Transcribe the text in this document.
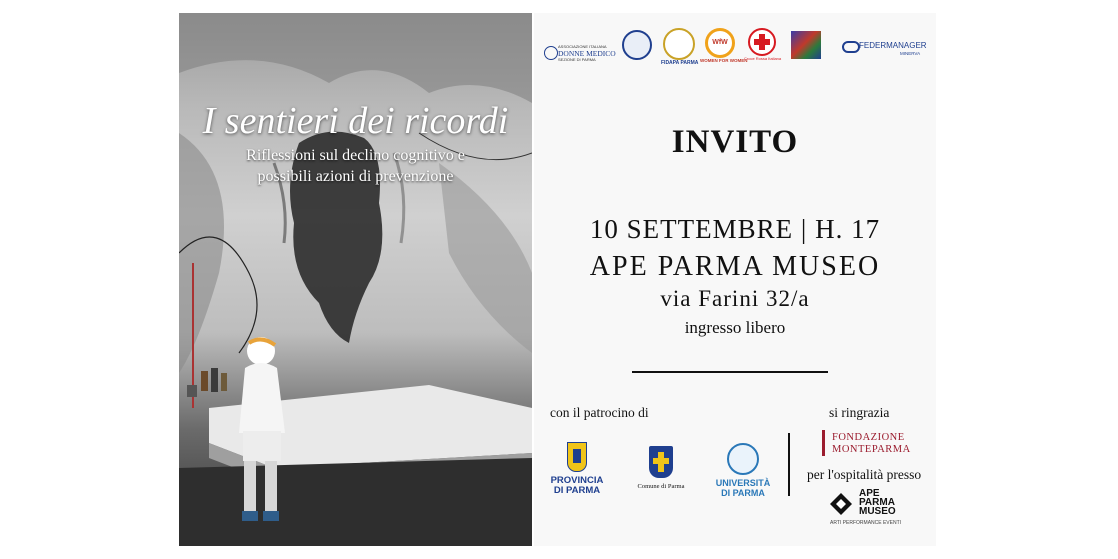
I sentieri dei ricordi
Riflessioni sul declino cognitivo e
possibili azioni di prevenzione
ASSOCIAZIONE ITALIANA
DONNE MEDICO
SEZIONE DI PARMA
FIDAPA PARMA
WfW
WOMEN FOR WOMEN
Croce Rossa Italiana
FEDERMANAGER
MINERVA
INVITO
10 SETTEMBRE | H. 17
APE PARMA MUSEO
via Farini 32/a
ingresso libero
con il patrocino di
PROVINCIA
DI PARMA	Comune di Parma	UNIVERSITÀ
DI PARMA
si ringrazia
FONDAZIONE
MONTEPARMA
per l'ospitalità presso
APE
PARMA
MUSEO
ARTI PERFORMANCE EVENTI
